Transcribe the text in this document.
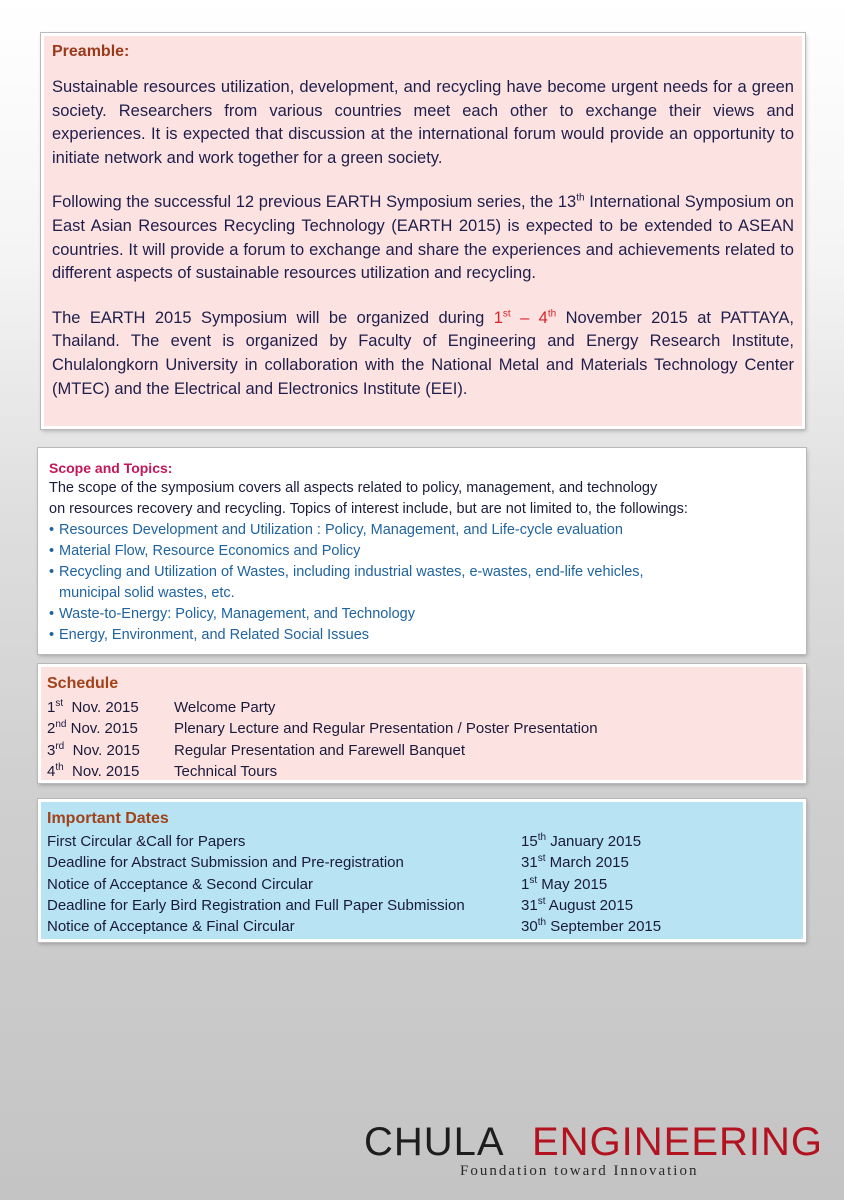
Preamble:

Sustainable resources utilization, development, and recycling have become urgent needs for a green society. Researchers from various countries meet each other to exchange their views and experiences. It is expected that discussion at the international forum would provide an opportunity to initiate network and work together for a green society.

Following the successful 12 previous EARTH Symposium series, the 13th International Symposium on East Asian Resources Recycling Technology (EARTH 2015) is expected to be extended to ASEAN countries. It will provide a forum to exchange and share the experiences and achievements related to different aspects of sustainable resources utilization and recycling.

The EARTH 2015 Symposium will be organized during 1st – 4th November 2015 at PATTAYA, Thailand. The event is organized by Faculty of Engineering and Energy Research Institute, Chulalongkorn University in collaboration with the National Metal and Materials Technology Center (MTEC) and the Electrical and Electronics Institute (EEI).

Scope and Topics:
The scope of the symposium covers all aspects related to policy, management, and technology
on resources recovery and recycling. Topics of interest include, but are not limited to, the followings:
• Resources Development and Utilization : Policy, Management, and Life-cycle evaluation
• Material Flow, Resource Economics and Policy
• Recycling and Utilization of Wastes, including industrial wastes, e-wastes, end-life vehicles,
municipal solid wastes, etc.
• Waste-to-Energy: Policy, Management, and Technology
• Energy, Environment, and Related Social Issues
Schedule
1st  Nov. 2015	Welcome Party
2nd Nov. 2015	Plenary Lecture and Regular Presentation / Poster Presentation
3rd  Nov. 2015	Regular Presentation and Farewell Banquet
4th  Nov. 2015	Technical Tours
Important Dates
First Circular &Call for Papers	15th January 2015
Deadline for Abstract Submission and Pre-registration	31st March 2015
Notice of Acceptance & Second Circular	1st May 2015
Deadline for Early Bird Registration and Full Paper Submission	31st August 2015
Notice of Acceptance & Final Circular	30th September 2015
CHULA ENGINEERING
Foundation toward Innovation
